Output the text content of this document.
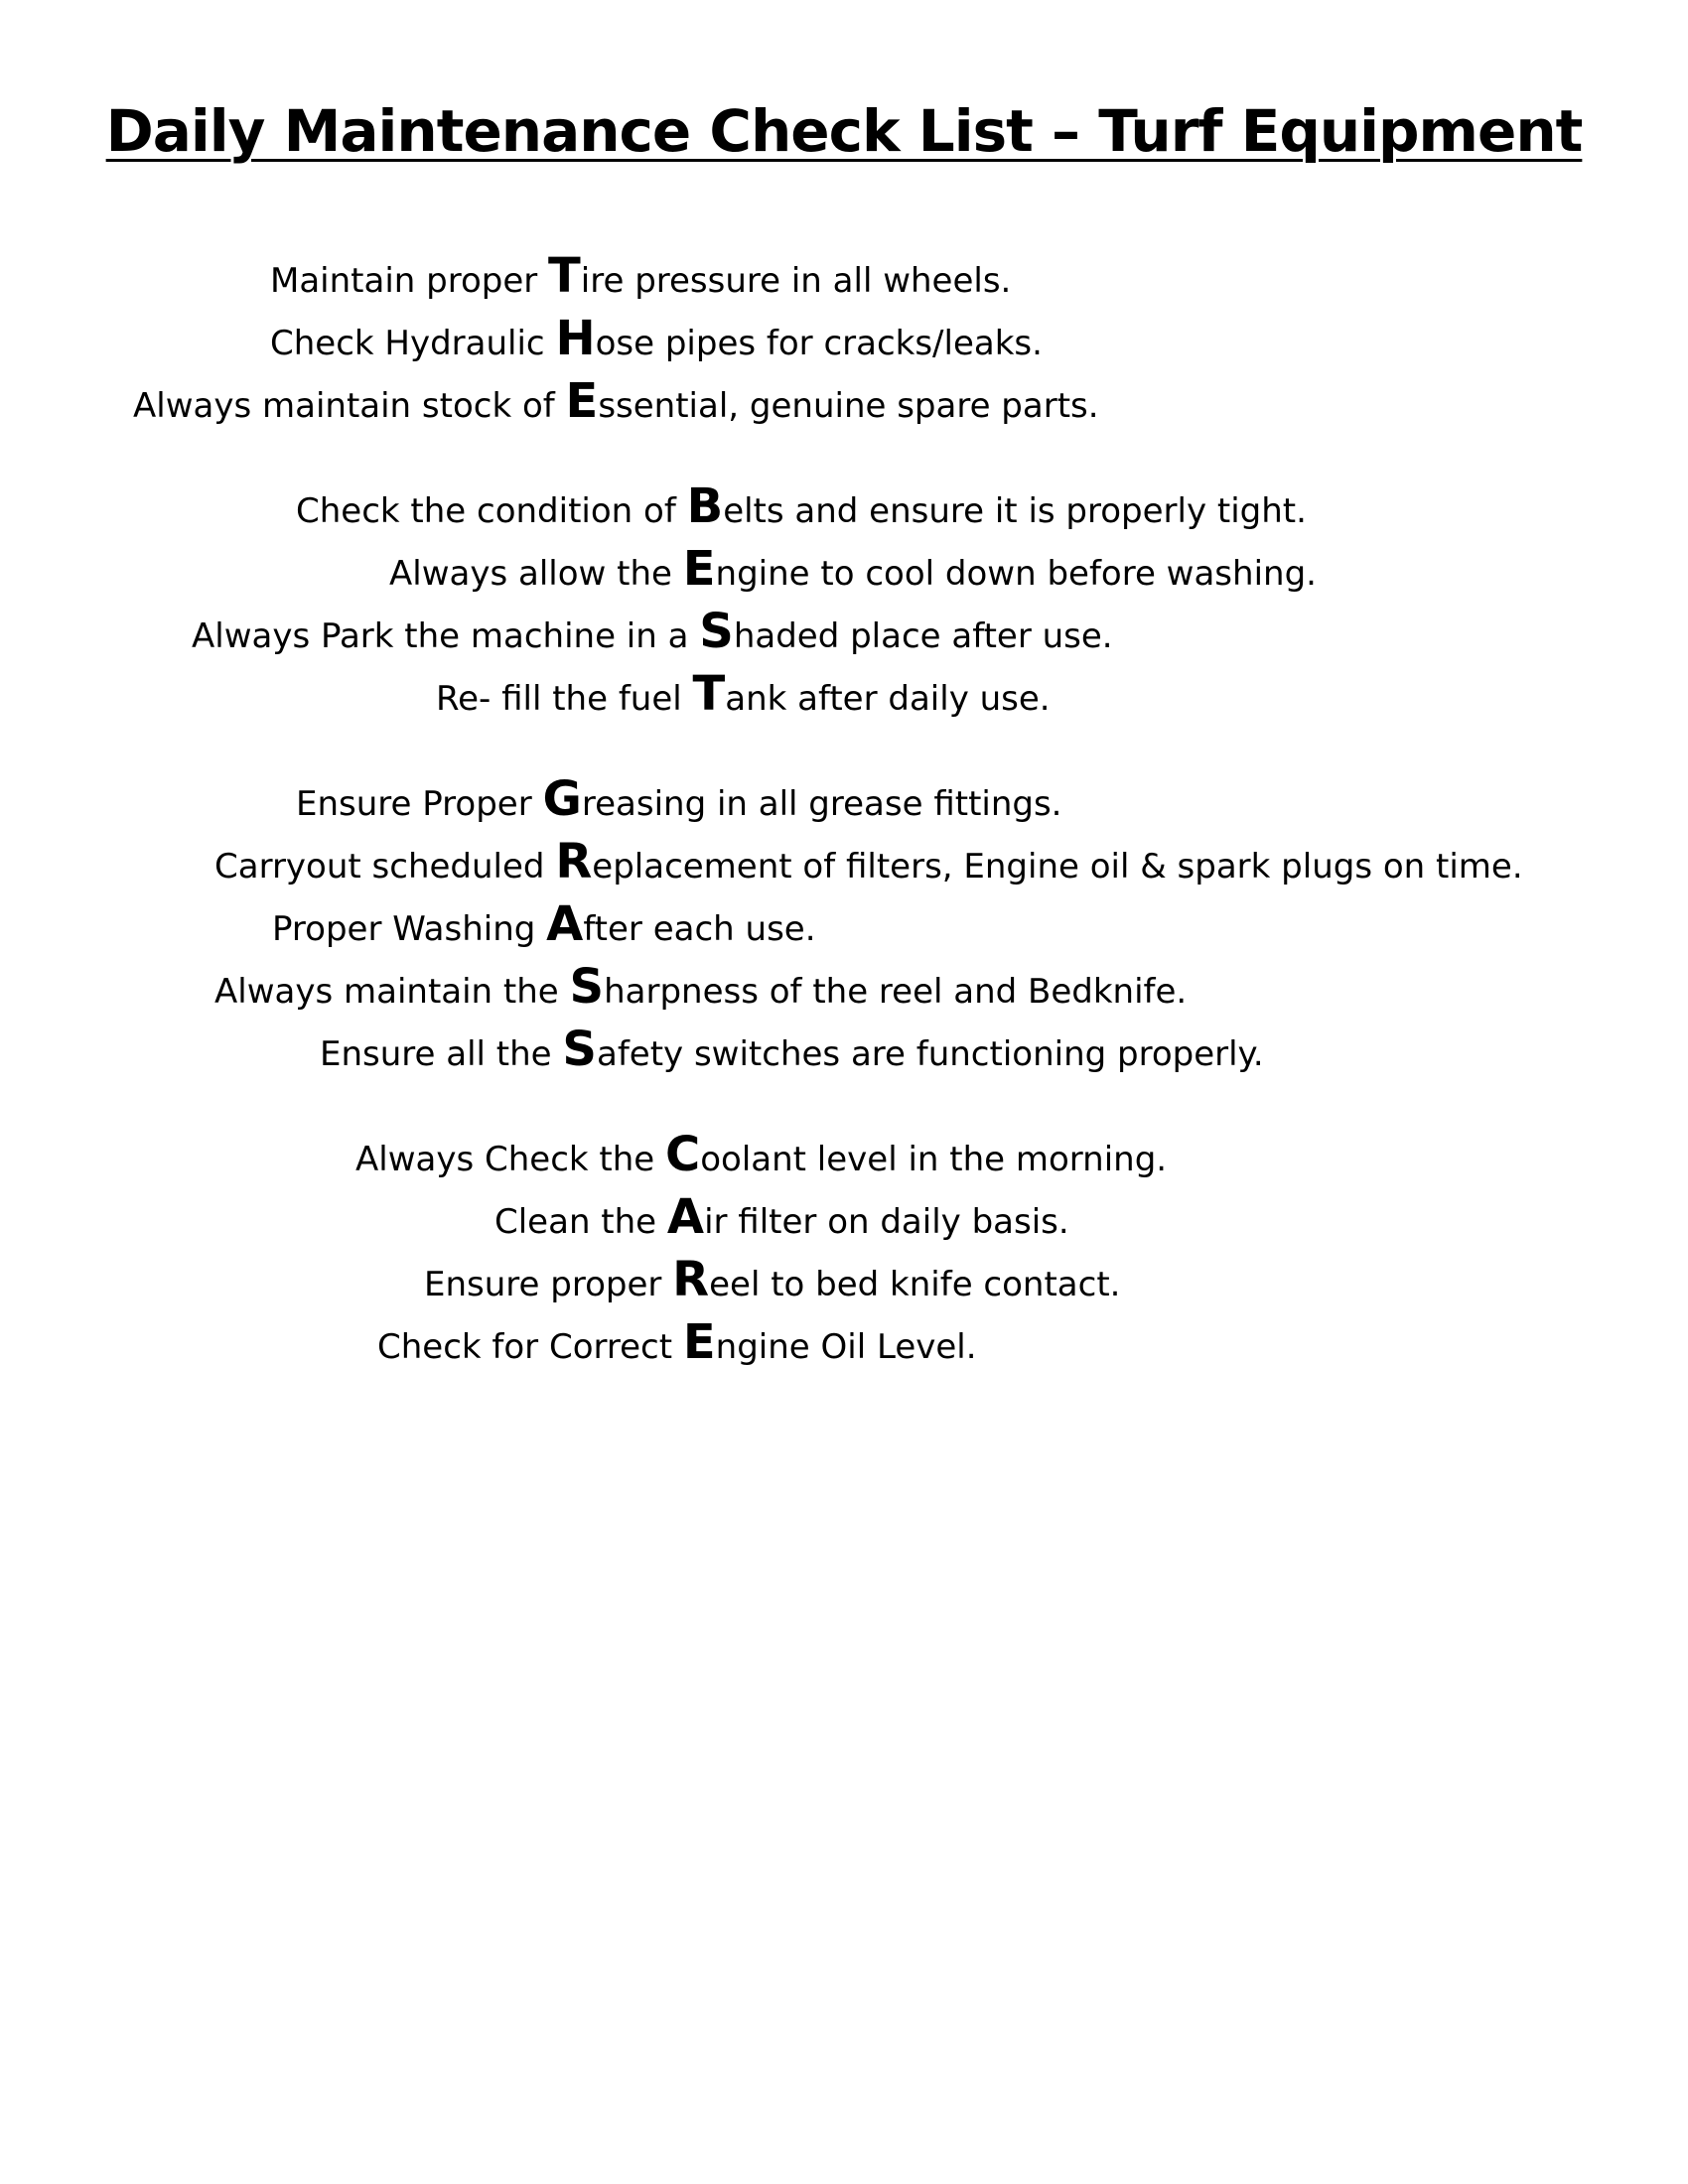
Daily Maintenance Check List – Turf Equipment
Maintain proper Tire pressure in all wheels.
Check Hydraulic Hose pipes for cracks/leaks.
Always maintain stock of Essential, genuine spare parts.
Check the condition of Belts and ensure it is properly tight.
Always allow the Engine to cool down before washing.
Always Park the machine in a Shaded place after use.
Re- fill the fuel Tank after daily use.
Ensure Proper Greasing in all grease fittings.
Carryout scheduled Replacement of filters, Engine oil & spark plugs on time.
Proper Washing After each use.
Always maintain the Sharpness of the reel and Bedknife.
Ensure all the Safety switches are functioning properly.
Always Check the Coolant level in the morning.
Clean the Air filter on daily basis.
Ensure proper Reel to bed knife contact.
Check for Correct Engine Oil Level.
